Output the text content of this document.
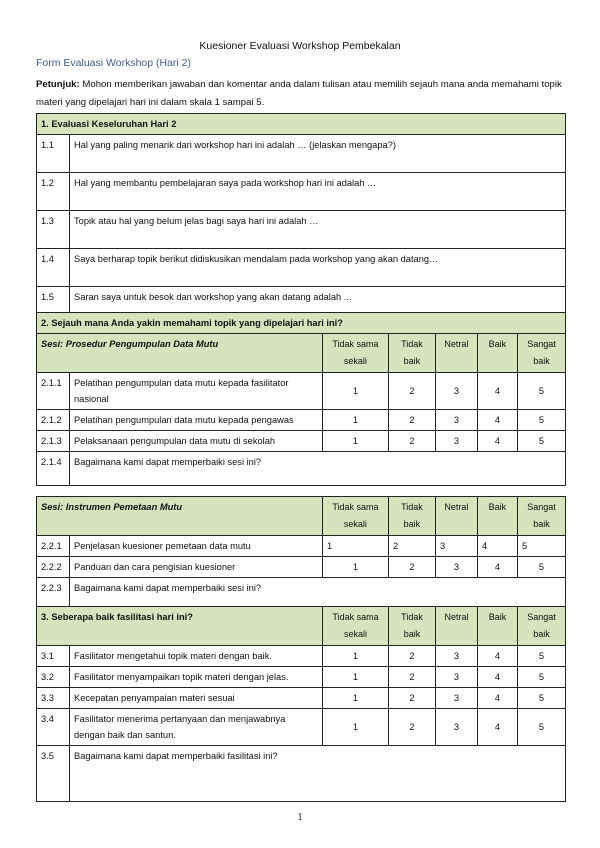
Kuesioner Evaluasi Workshop Pembekalan
Form Evaluasi Workshop (Hari 2)
Petunjuk: Mohon memberikan jawaban dan komentar anda dalam tulisan atau memilih sejauh mana anda memahami topik materi yang dipelajari hari ini dalam skala 1 sampai 5.
1. Evaluasi Keseluruhan Hari 2	
1.1	Hal yang paling menarik dari workshop hari ini adalah … (jelaskan mengapa?)
1.2	Hal yang membantu pembelajaran saya pada workshop hari ini adalah …
1.3	Topik atau hal yang belum jelas bagi saya hari ini adalah …
1.4	Saya berharap topik berikut didiskusikan mendalam pada workshop yang akan datang…
1.5	Saran saya untuk besok dan workshop yang akan datang adalah ...
2. Sejauh mana Anda yakin memahami topik yang dipelajari hari ini?						
Sesi: Prosedur Pengumpulan Data Mutu		Tidak sama sekali	Tidak baik	Netral	Baik	Sangat baik
2.1.1	Pelatihan pengumpulan data mutu kepada fasilitator nasional	1	2	3	4	5
2.1.2	Pelatihan pengumpulan data mutu kepada pengawas	1	2	3	4	5
2.1.3	Pelaksanaan pengumpulan data mutu di sekolah	1	2	3	4	5
2.1.4	Bagaimana kami dapat memperbaiki sesi ini?					

Sesi: Instrumen Pemetaan Mutu		Tidak sama sekali	Tidak baik	Netral	Baik	Sangat baik
2.2.1	Penjelasan kuesioner pemetaan data mutu	1	2	3	4	5
2.2.2	Panduan dan cara pengisian kuesioner	1	2	3	4	5
2.2.3	Bagaimana kami dapat memperbaiki sesi ini?					
3. Seberapa baik fasilitasi hari ini?		Tidak sama sekali	Tidak baik	Netral	Baik	Sangat baik
3.1	Fasilitator mengetahui topik materi dengan baik.	1	2	3	4	5
3.2	Fasilitator menyampaikan topik materi dengan jelas.	1	2	3	4	5
3.3	Kecepatan penyampaian materi sesuai	1	2	3	4	5
3.4	Fasilitator menerima pertanyaan dan menjawabnya dengan baik dan santun.	1	2	3	4	5
3.5	Bagaimana kami dapat memperbaiki fasilitasi ini?					
1
